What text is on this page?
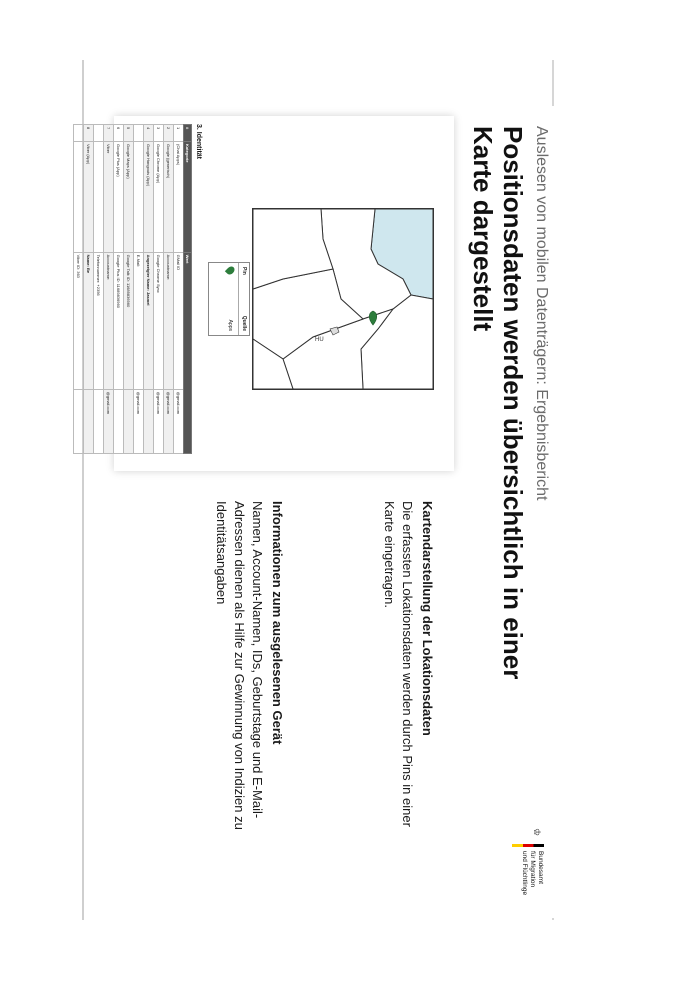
Auslesen von mobilen Datenträgern: Ergebnisbericht
Positionsdaten werden übersichtlich in einer Karte dargestellt
♔
Bundesamt
für Migration
und Flüchtlinge
HU
Pin
Quelle
Apps
3. Identität
#	Kategorie	Wert	
1	(Chat Apps)	GMail ID	@gmail.com
2	Google (generisch)	Accountname:	@gmail.com
3	Google Chrome (App)	Google Chrome Sync	@gmail.com
4	Google Hangouts (App)	Angezeigter Name: Jasmel	
		E-Mail:	@gmail.com
5	Google Maps (App)	Google Talk ID: 11689836960	
6	Google Plus (App)	Google Plus ID: 11689836960	
7	Viber	Accountname:	@gmail.com
		Telefonnummer: +2356	
8	Viber (App)	Name: Be	
		Viber ID: 363	
Kartendarstellung der Lokationsdaten
Die erfassten Lokationsdaten werden durch Pins in einer Karte eingetragen.
Informationen zum ausgelesenen Gerät
Namen, Account-Namen, IDs, Geburtstage und E-Mail-Adressen dienen als Hilfe zur Gewinnung von Indizien zu Identitätsangaben
